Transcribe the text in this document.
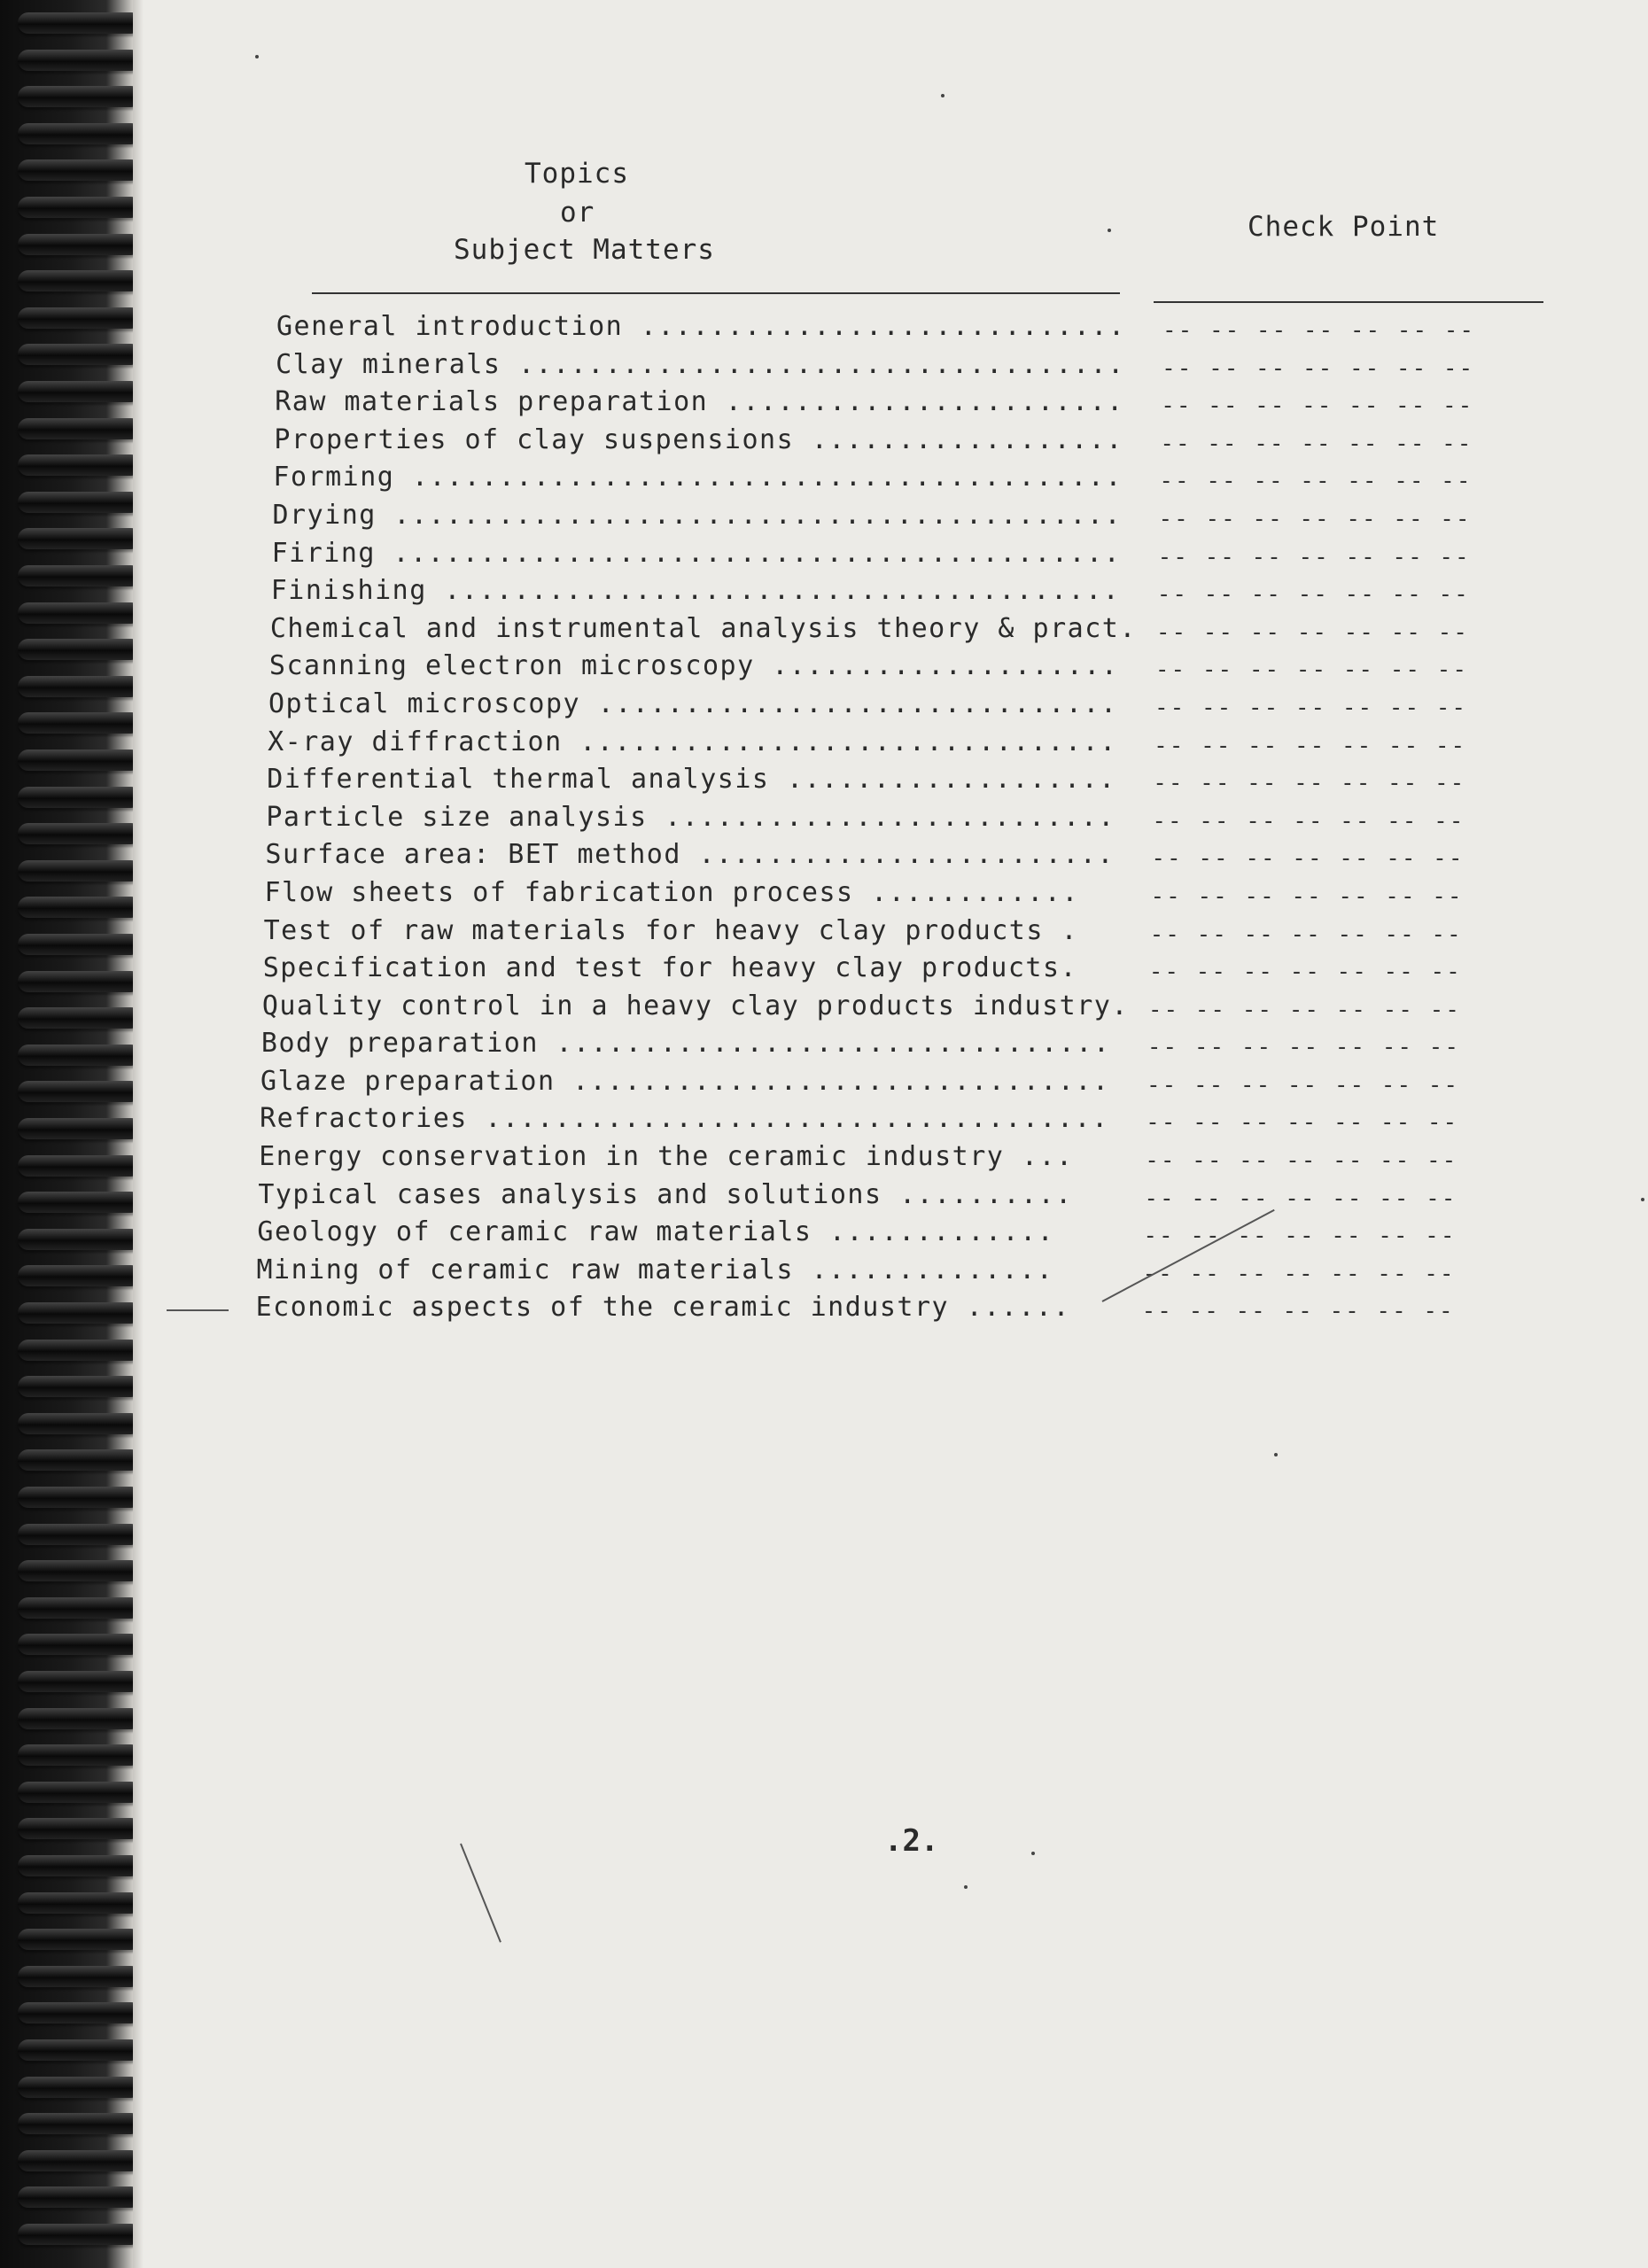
Topics
or
Subject Matters
Check Point
General introduction ............................ -- -- -- -- -- -- --
Clay minerals ................................... -- -- -- -- -- -- --
Raw materials preparation ....................... -- -- -- -- -- -- --
Properties of clay suspensions .................. -- -- -- -- -- -- --
Forming ......................................... -- -- -- -- -- -- --
Drying .......................................... -- -- -- -- -- -- --
Firing .......................................... -- -- -- -- -- -- --
Finishing ....................................... -- -- -- -- -- -- --
Chemical and instrumental analysis theory & pract. -- -- -- -- -- -- --
Scanning electron microscopy .................... -- -- -- -- -- -- --
Optical microscopy .............................. -- -- -- -- -- -- --
X-ray diffraction ............................... -- -- -- -- -- -- --
Differential thermal analysis ................... -- -- -- -- -- -- --
Particle size analysis .......................... -- -- -- -- -- -- --
Surface area: BET method ........................ -- -- -- -- -- -- --
Flow sheets of fabrication process ............	-- -- -- -- -- -- --
Test of raw materials for heavy clay products .	-- -- -- -- -- -- --
Specification and test for heavy clay products.	-- -- -- -- -- -- --
Quality control in a heavy clay products industry. -- -- -- -- -- -- --
Body preparation ................................ -- -- -- -- -- -- --
Glaze preparation ............................... -- -- -- -- -- -- --
Refractories .................................... -- -- -- -- -- -- --
Energy conservation in the ceramic industry ...	-- -- -- -- -- -- --
Typical cases analysis and solutions ..........	-- -- -- -- -- -- --
Geology of ceramic raw materials .............	-- -- -- -- -- -- --
Mining of ceramic raw materials ..............	-- -- -- -- -- -- --
Economic aspects of the ceramic industry ......	-- -- -- -- -- -- --
.2.
